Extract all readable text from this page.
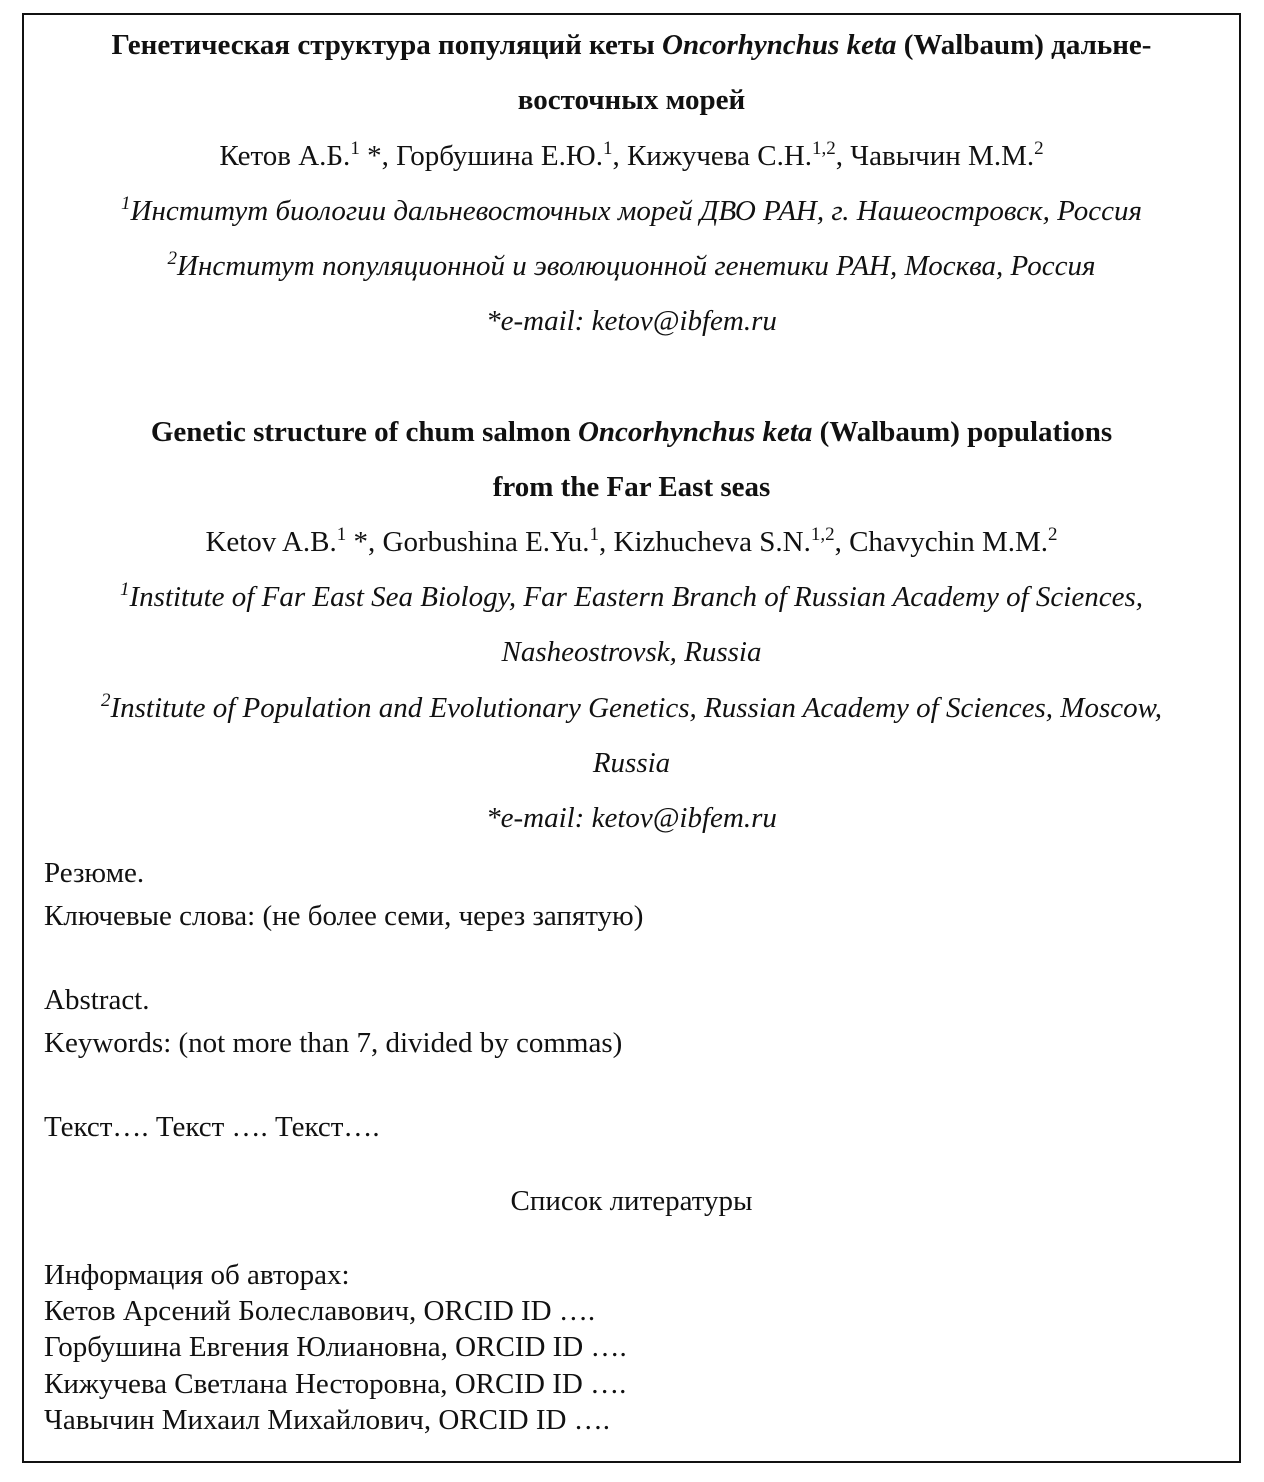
Генетическая структура популяций кеты Oncorhynchus keta (Walbaum) дальне-
восточных морей
Кетов А.Б.$^1$ *, Горбушина Е.Ю.$^1$, Кижучева С.Н.$^{1,2}$, Чавычин М.М.$^2$
$^1$Институт биологии дальневосточных морей ДВО РАН, г. Нашеостровск, Россия
$^2$Институт популяционной и эволюционной генетики РАН, Москва, Россия
*e-mail: ketov@ibfem.ru
Genetic structure of chum salmon Oncorhynchus keta (Walbaum) populations
from the Far East seas
Ketov A.B.$^1$ *, Gorbushina E.Yu.$^1$, Kizhucheva S.N.$^{1,2}$, Chavychin M.M.$^2$
$^1$Institute of Far East Sea Biology, Far Eastern Branch of Russian Academy of Sciences,
Nasheostrovsk, Russia
$^2$Institute of Population and Evolutionary Genetics, Russian Academy of Sciences, Moscow,
Russia
*e-mail: ketov@ibfem.ru
Резюме.
Ключевые слова: (не более семи, через запятую)
Abstract.
Keywords: (not more than 7, divided by commas)
Текст…. Текст …. Текст….
Список литературы
Информация об авторах:
Кетов Арсений Болеславович, ORCID ID ….
Горбушина Евгения Юлиановна, ORCID ID ….
Кижучева Светлана Несторовна, ORCID ID ….
Чавычин Михаил Михайлович, ORCID ID ….
